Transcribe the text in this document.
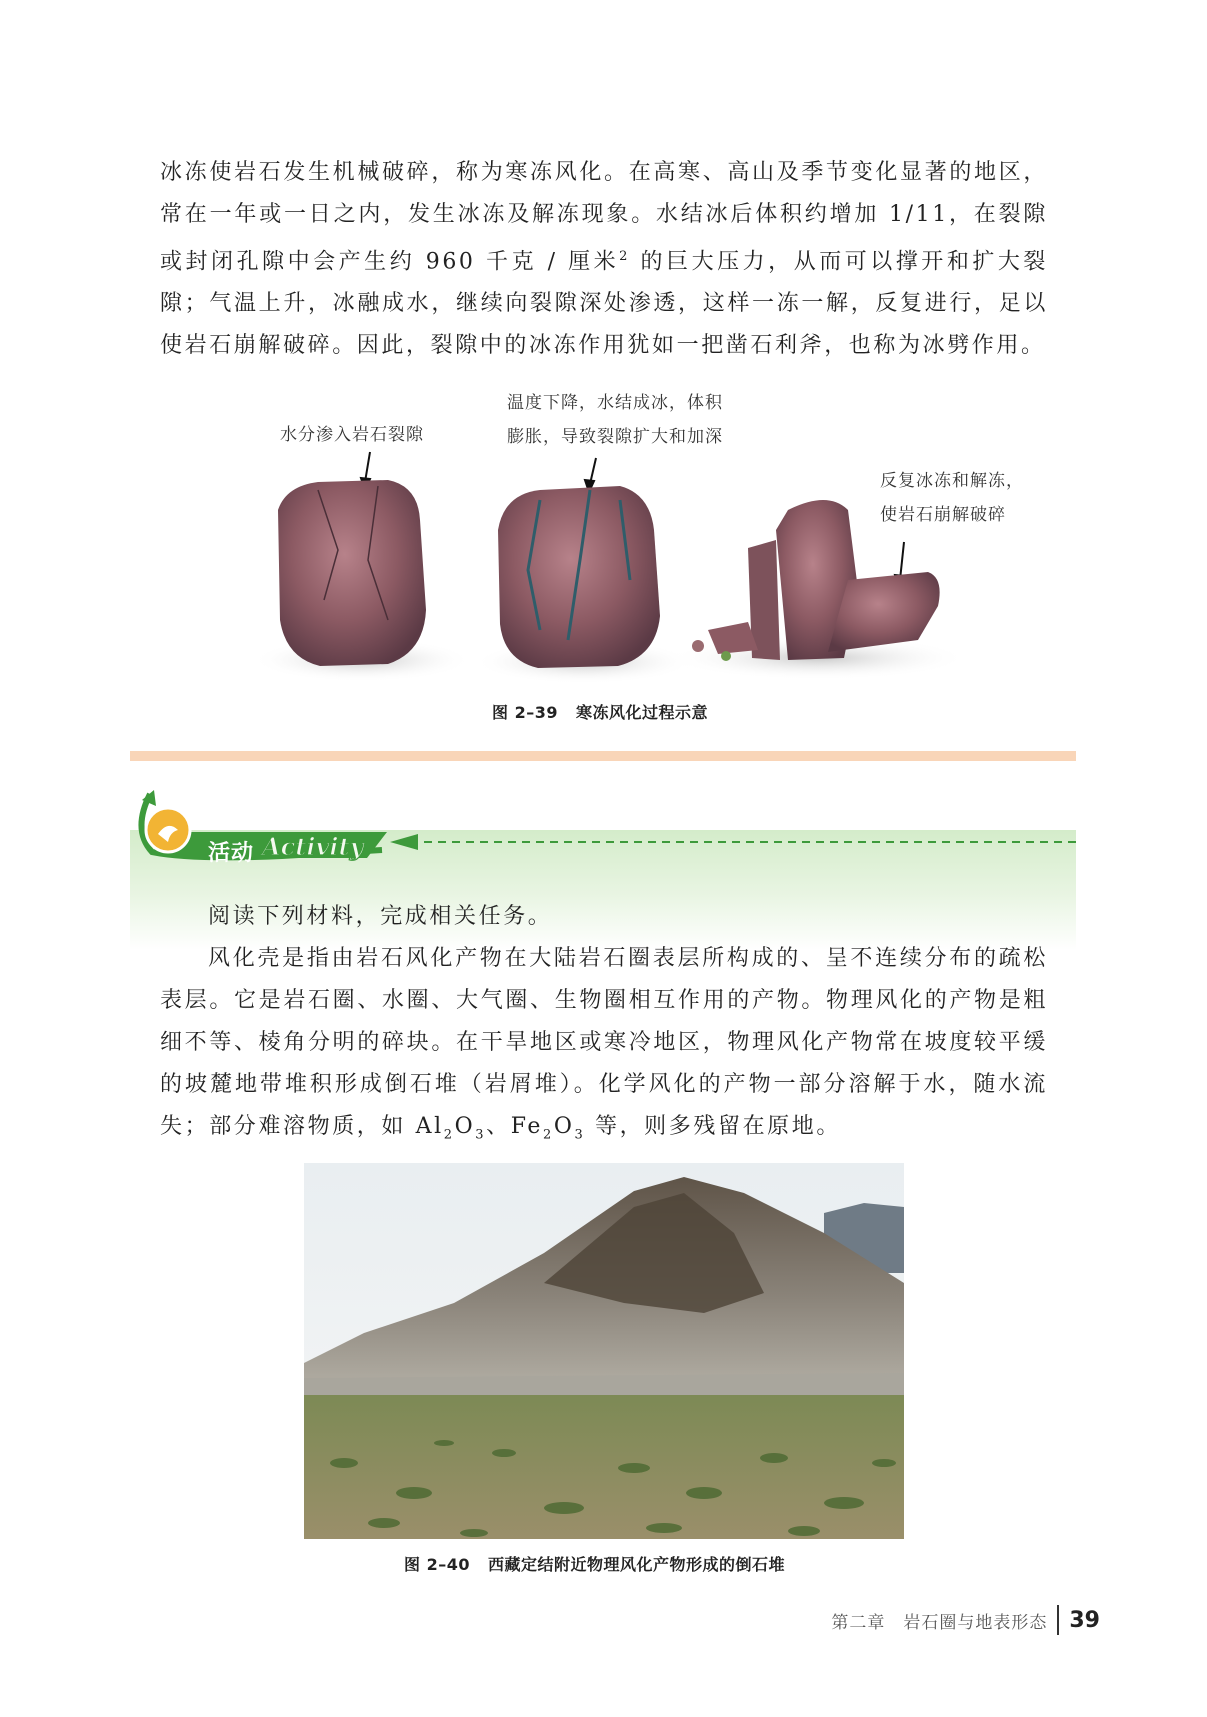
冰冻使岩石发生机械破碎，称为寒冻风化。在高寒、高山及季节变化显著的地区，常在一年或一日之内，发生冰冻及解冻现象。水结冰后体积约增加 1/11，在裂隙或封闭孔隙中会产生约 960 千克 / 厘米$^2$ 的巨大压力，从而可以撑开和扩大裂隙；气温上升，冰融成水，继续向裂隙深处渗透，这样一冻一解，反复进行，足以使岩石崩解破碎。因此，裂隙中的冰冻作用犹如一把凿石利斧，也称为冰劈作用。

水分渗入岩石裂隙
温度下降，水结成冰，体积
膨胀，导致裂隙扩大和加深
反复冰冻和解冻，
使岩石崩解破碎
图 2–39 寒冻风化过程示意
活动 Activity

阅读下列材料，完成相关任务。

风化壳是指由岩石风化产物在大陆岩石圈表层所构成的、呈不连续分布的疏松表层。它是岩石圈、水圈、大气圈、生物圈相互作用的产物。物理风化的产物是粗细不等、棱角分明的碎块。在干旱地区或寒冷地区，物理风化产物常在坡度较平缓的坡麓地带堆积形成倒石堆（岩屑堆）。化学风化的产物一部分溶解于水，随水流失；部分难溶物质，如 $Al_2O_3$、$Fe_2O_3$ 等，则多残留在原地。

图 2–40 西藏定结附近物理风化产物形成的倒石堆
第二章　岩石圈与地表形态 39
